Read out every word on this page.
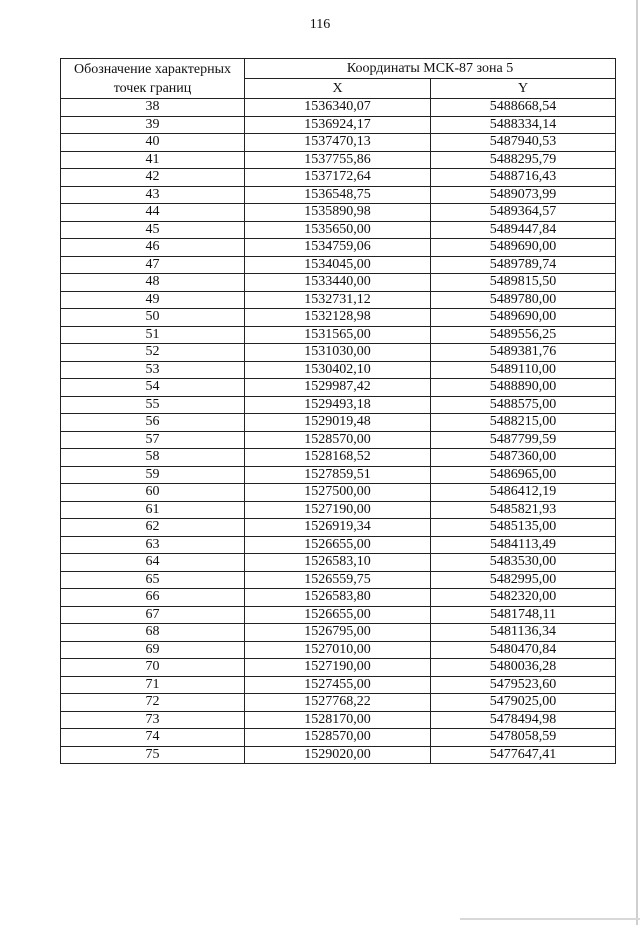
116
Обозначение характерных точек границ	Координаты МСК-87 зона 5	
	X	Y
38	1536340,07	5488668,54
39	1536924,17	5488334,14
40	1537470,13	5487940,53
41	1537755,86	5488295,79
42	1537172,64	5488716,43
43	1536548,75	5489073,99
44	1535890,98	5489364,57
45	1535650,00	5489447,84
46	1534759,06	5489690,00
47	1534045,00	5489789,74
48	1533440,00	5489815,50
49	1532731,12	5489780,00
50	1532128,98	5489690,00
51	1531565,00	5489556,25
52	1531030,00	5489381,76
53	1530402,10	5489110,00
54	1529987,42	5488890,00
55	1529493,18	5488575,00
56	1529019,48	5488215,00
57	1528570,00	5487799,59
58	1528168,52	5487360,00
59	1527859,51	5486965,00
60	1527500,00	5486412,19
61	1527190,00	5485821,93
62	1526919,34	5485135,00
63	1526655,00	5484113,49
64	1526583,10	5483530,00
65	1526559,75	5482995,00
66	1526583,80	5482320,00
67	1526655,00	5481748,11
68	1526795,00	5481136,34
69	1527010,00	5480470,84
70	1527190,00	5480036,28
71	1527455,00	5479523,60
72	1527768,22	5479025,00
73	1528170,00	5478494,98
74	1528570,00	5478058,59
75	1529020,00	5477647,41
